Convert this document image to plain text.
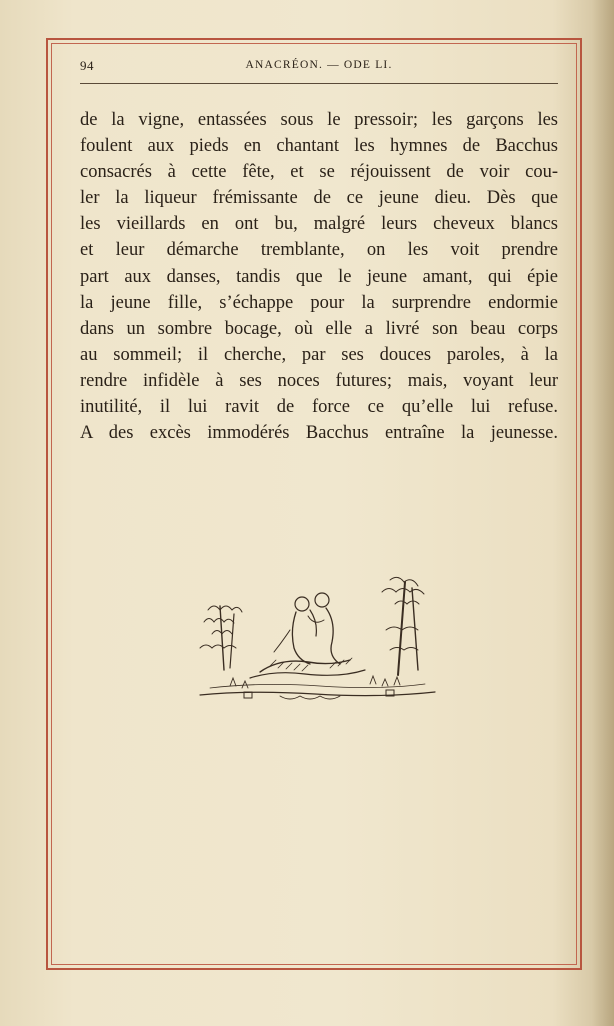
94	ANACRÉON. — ODE LI.
de la vigne, entassées sous le pressoir; les garçons les
foulent aux pieds en chantant les hymnes de Bacchus
consacrés à cette fête, et se réjouissent de voir cou-
ler la liqueur frémissante de ce jeune dieu. Dès que
les vieillards en ont bu, malgré leurs cheveux blancs
et leur démarche tremblante, on les voit prendre
part aux danses, tandis que le jeune amant, qui épie
la jeune fille, s’échappe pour la surprendre endormie
dans un sombre bocage, où elle a livré son beau corps
au sommeil; il cherche, par ses douces paroles, à la
rendre infidèle à ses noces futures; mais, voyant leur
inutilité, il lui ravit de force ce qu’elle lui refuse.
A des excès immodérés Bacchus entraîne la jeunesse.
